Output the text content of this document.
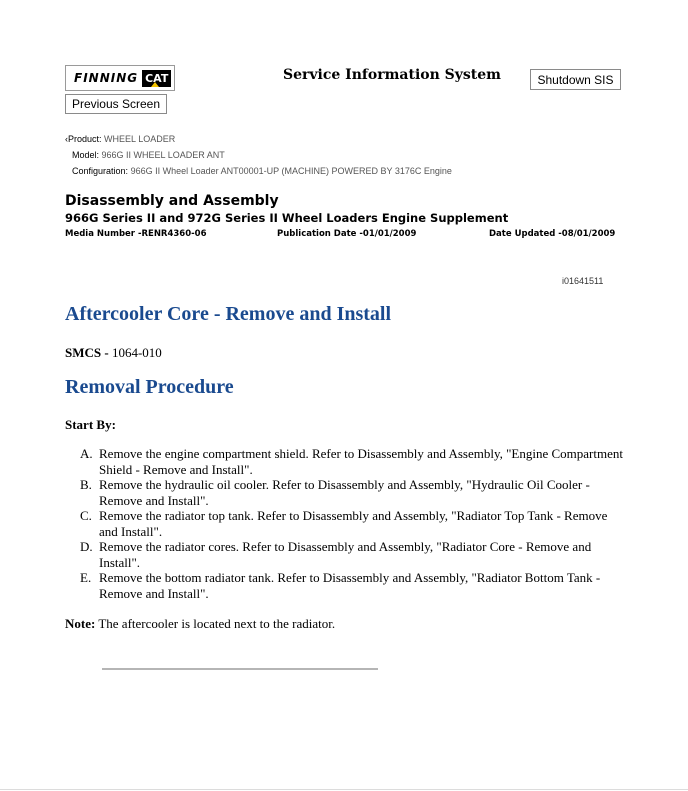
FINNING CAT
Previous Screen
Service Information System	Shutdown SIS
‹Product: WHEEL LOADER
Model: 966G II WHEEL LOADER ANT
Configuration: 966G II Wheel Loader ANT00001-UP (MACHINE) POWERED BY 3176C Engine
Disassembly and Assembly
966G Series II and 972G Series II Wheel Loaders Engine Supplement
Media Number -RENR4360-06	Publication Date -01/01/2009	Date Updated -08/01/2009
i01641511
Aftercooler Core - Remove and Install
SMCS - 1064-010
Removal Procedure
Start By:
A. Remove the engine compartment shield. Refer to Disassembly and Assembly, "Engine Compartment Shield - Remove and Install".
B. Remove the hydraulic oil cooler. Refer to Disassembly and Assembly, "Hydraulic Oil Cooler - Remove and Install".
C. Remove the radiator top tank. Refer to Disassembly and Assembly, "Radiator Top Tank - Remove and Install".
D. Remove the radiator cores. Refer to Disassembly and Assembly, "Radiator Core - Remove and Install".
E. Remove the bottom radiator tank. Refer to Disassembly and Assembly, "Radiator Bottom Tank - Remove and Install".
Note: The aftercooler is located next to the radiator.
